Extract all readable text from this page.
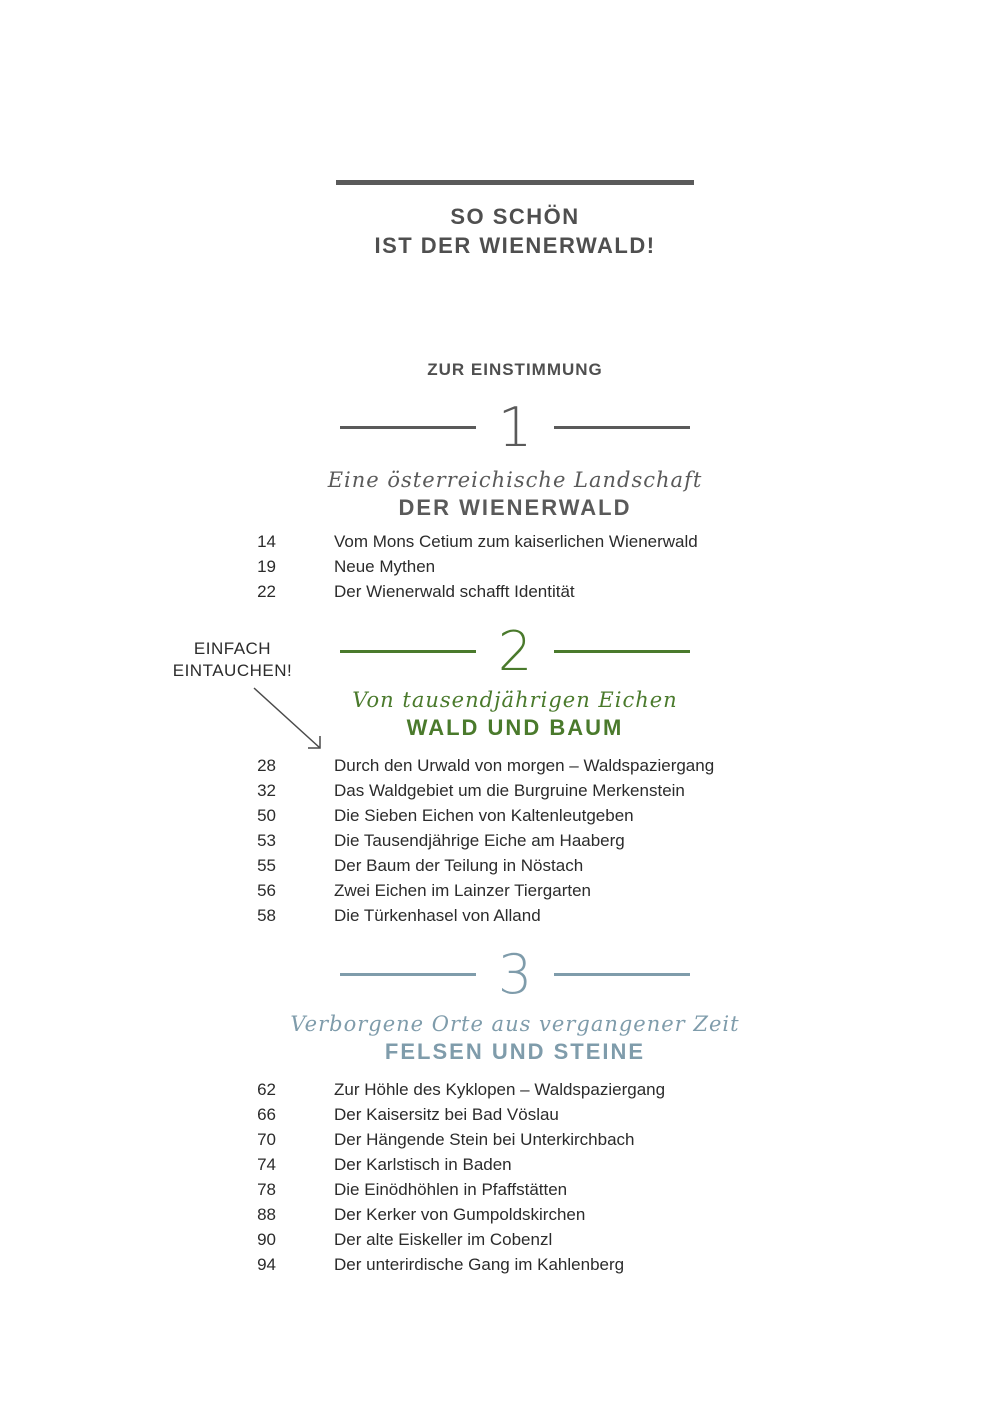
SO SCHÖN
IST DER WIENERWALD!
ZUR EINSTIMMUNG
1
Eine österreichische Landschaft
DER WIENERWALD
14	Vom Mons Cetium zum kaiserlichen Wienerwald
19	Neue Mythen
22	Der Wienerwald schafft Identität
EINFACH
EINTAUCHEN!	2
Von tausendjährigen Eichen
WALD UND BAUM
28	Durch den Urwald von morgen – Waldspaziergang
32	Das Waldgebiet um die Burgruine Merkenstein
50	Die Sieben Eichen von Kaltenleutgeben
53	Die Tausendjährige Eiche am Haaberg
55	Der Baum der Teilung in Nöstach
56	Zwei Eichen im Lainzer Tiergarten
58	Die Türkenhasel von Alland
3
Verborgene Orte aus vergangener Zeit
FELSEN UND STEINE
62	Zur Höhle des Kyklopen – Waldspaziergang
66	Der Kaisersitz bei Bad Vöslau
70	Der Hängende Stein bei Unterkirchbach
74	Der Karlstisch in Baden
78	Die Einödhöhlen in Pfaffstätten
88	Der Kerker von Gumpoldskirchen
90	Der alte Eiskeller im Cobenzl
94	Der unterirdische Gang im Kahlenberg
